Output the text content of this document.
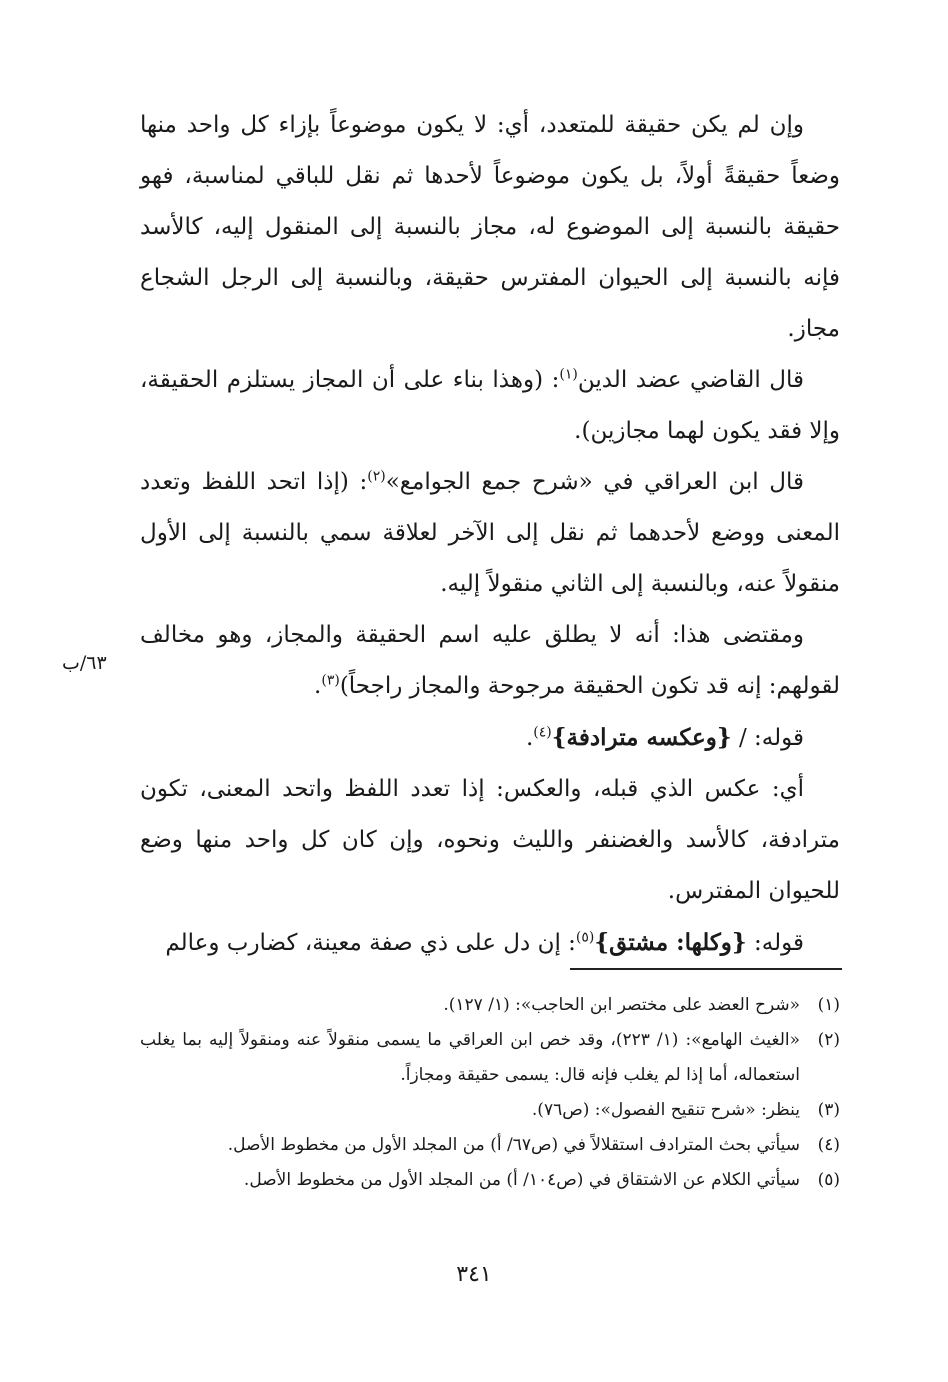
وإن لم يكن حقيقة للمتعدد، أي: لا يكون موضوعاً بإزاء كل واحد منها وضعاً حقيقةً أولاً، بل يكون موضوعاً لأحدها ثم نقل للباقي لمناسبة، فهو حقيقة بالنسبة إلى الموضوع له، مجاز بالنسبة إلى المنقول إليه، كالأسد فإنه بالنسبة إلى الحيوان المفترس حقيقة، وبالنسبة إلى الرجل الشجاع مجاز.

قال القاضي عضد الدين$^{(١)}$: (وهذا بناء على أن المجاز يستلزم الحقيقة، وإلا فقد يكون لهما مجازين).

قال ابن العراقي في «شرح جمع الجوامع»$^{(٢)}$: (إذا اتحد اللفظ وتعدد المعنى ووضع لأحدهما ثم نقل إلى الآخر لعلاقة سمي بالنسبة إلى الأول منقولاً عنه، وبالنسبة إلى الثاني منقولاً إليه.

ومقتضى هذا: أنه لا يطلق عليه اسم الحقيقة والمجاز، وهو مخالف لقولهم: إنه قد تكون الحقيقة مرجوحة والمجاز راجحاً)$^{(٣)}$.

قوله: / {وعكسه مترادفة}$^{(٤)}$.

أي: عكس الذي قبله، والعكس: إذا تعدد اللفظ واتحد المعنى، تكون مترادفة، كالأسد والغضنفر والليث ونحوه، وإن كان كل واحد منها وضع للحيوان المفترس.

قوله: {وكلها: مشتق}$^{(٥)}$: إن دل على ذي صفة معينة، كضارب وعالم

٦٣/ب
(١)
«شرح العضد على مختصر ابن الحاجب»: (١/ ١٢٧).
(٢)
«الغيث الهامع»: (١/ ٢٢٣)، وقد خص ابن العراقي ما يسمى منقولاً عنه ومنقولاً إليه بما يغلب استعماله، أما إذا لم يغلب فإنه قال: يسمى حقيقة ومجازاً.
(٣)
ينظر: «شرح تنقيح الفصول»: (ص٧٦).
(٤)
سيأتي بحث المترادف استقلالاً في (ص٦٧/ أ) من المجلد الأول من مخطوط الأصل.
(٥)
سيأتي الكلام عن الاشتقاق في (ص١٠٤/ أ) من المجلد الأول من مخطوط الأصل.
٣٤١
